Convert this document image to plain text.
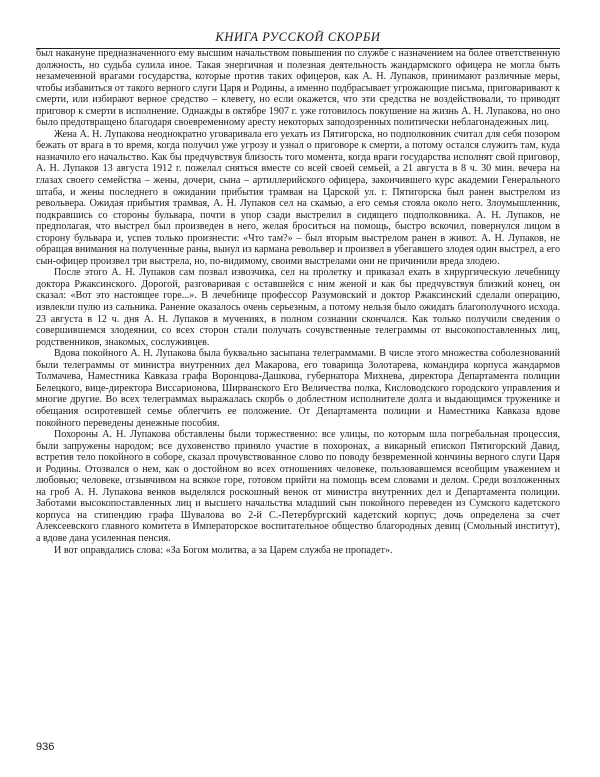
КНИГА РУССКОЙ СКОРБИ

был накануне предназначенного ему высшим начальством повышения по службе с назначением на более ответственную должность, но судьба сулила иное. Такая энергичная и полезная деятельность жандармского офицера не могла быть незамеченной врагами государства, которые против таких офицеров, как А. Н. Лупаков, принимают различные меры, чтобы избавиться от такого верного слуги Царя и Родины, а именно подбрасывает угрожающие письма, приговаривают к смерти, или избирают верное средство – клевету, но если окажется, что эти средства не воздействовали, то приводят приговор к смерти в исполнение. Однажды в октябре 1907 г. уже готовилось покушение на жизнь А. Н. Лупакова, но оно было предотвращено благодаря своевременному аресту некоторых заподозренных политически неблагонадежных лиц.

Жена А. Н. Лупакова неоднократно уговаривала его уехать из Пятигорска, но подполковник считал для себя позором бежать от врага в то время, когда получил уже угрозу и узнал о приговоре к смерти, а потому остался служить там, куда назначило его начальство. Как бы предчувствуя близость того момента, когда враги государства исполнят свой приговор, А. Н. Лупаков 13 августа 1912 г. пожелал сняться вместе со всей своей семьей, а 21 августа в 8 ч. 30 мин. вечера на глазах своего семейства – жены, дочери, сына – артиллерийского офицера, закончившего курс академии Генерального штаба, и жены последнего в ожидании прибытия трамвая на Царской ул. г. Пятигорска был ранен выстрелом из револьвера. Ожидая прибытия трамвая, А. Н. Лупаков сел на скамью, а его семья стояла около него. Злоумышленник, подкравшись со стороны бульвара, почти в упор сзади выстрелил в сидящего подполковника. А. Н. Лупаков, не предполагая, что выстрел был произведен в него, желая броситься на помощь, быстро вскочил, повернулся лицом в сторону бульвара и, успев только произнести: «Что там?» – был вторым выстрелом ранен в живот. А. Н. Лупаков, не обращая внимания на полученные раны, вынул из кармана револьвер и произвел в убегавшего злодея один выстрел, а его сын-офицер произвел три выстрела, но, по-видимому, своими выстрелами они не причинили вреда злодею.

После этого А. Н. Лупаков сам позвал извозчика, сел на пролетку и приказал ехать в хирургическую лечебницу доктора Ржаксинского. Дорогой, разговаривая с оставшейся с ним женой и как бы предчувствуя близкий конец, он сказал: «Вот это настоящее горе...». В лечебнице профессор Разумовский и доктор Ржаксинский сделали операцию, извлекли пулю из сальника. Ранение оказалось очень серьезным, а потому нельзя было ожидать благополучного исхода. 23 августа в 12 ч. дня А. Н. Лупаков в мучениях, в полном сознании скончался. Как только получили сведения о совершившемся злодеянии, со всех сторон стали получать сочувственные телеграммы от высокопоставленных лиц, родственников, знакомых, сослуживцев.

Вдова покойного А. Н. Лупакова была буквально засыпана телеграммами. В числе этого множества соболезнований были телеграммы от министра внутренних дел Макарова, его товарища Золотарева, командира корпуса жандармов Толмачева, Наместника Кавказа графа Воронцова-Дашкова, губернатора Михнева, директора Департамента полиции Белецкого, вице-директора Виссарионова, Ширванского Его Величества полка, Кисловодского городского управления и многие другие. Во всех телеграммах выражалась скорбь о доблестном исполнителе долга и выдающимся труженике и обещания осиротевшей семье облегчить ее положение. От Департамента полиции и Наместника Кавказа вдове покойного переведены денежные пособия.

Похороны А. Н. Лупакова обставлены были торжественно: все улицы, по которым шла погребальная процессия, были запружены народом; все духовенство приняло участие в похоронах, а викарный епископ Пятигорский Давид, встретив тело покойного в соборе, сказал прочувствованное слово по поводу безвременной кончины верного слуги Царя и Родины. Отозвался о нем, как о достойном во всех отношениях человеке, пользовавшемся всеобщим уважением и любовью; человеке, отзывчивом на всякое горе, готовом прийти на помощь всем словами и делом. Среди возложенных на гроб А. Н. Лупакова венков выделялся роскошный венок от министра внутренних дел и Департамента полиции. Заботами высокопоставленных лиц и высшего начальства младший сын покойного переведен из Сумского кадетского корпуса на стипендию графа Шувалова во 2-й С.-Петербургский кадетский корпус; дочь определена за счет Алексеевского главного комитета в Императорское воспитательное общество благородных девиц (Смольный институт), а вдове дана усиленная пенсия.

И вот оправдались слова: «За Богом молитва, а за Царем служба не пропадет».

936
